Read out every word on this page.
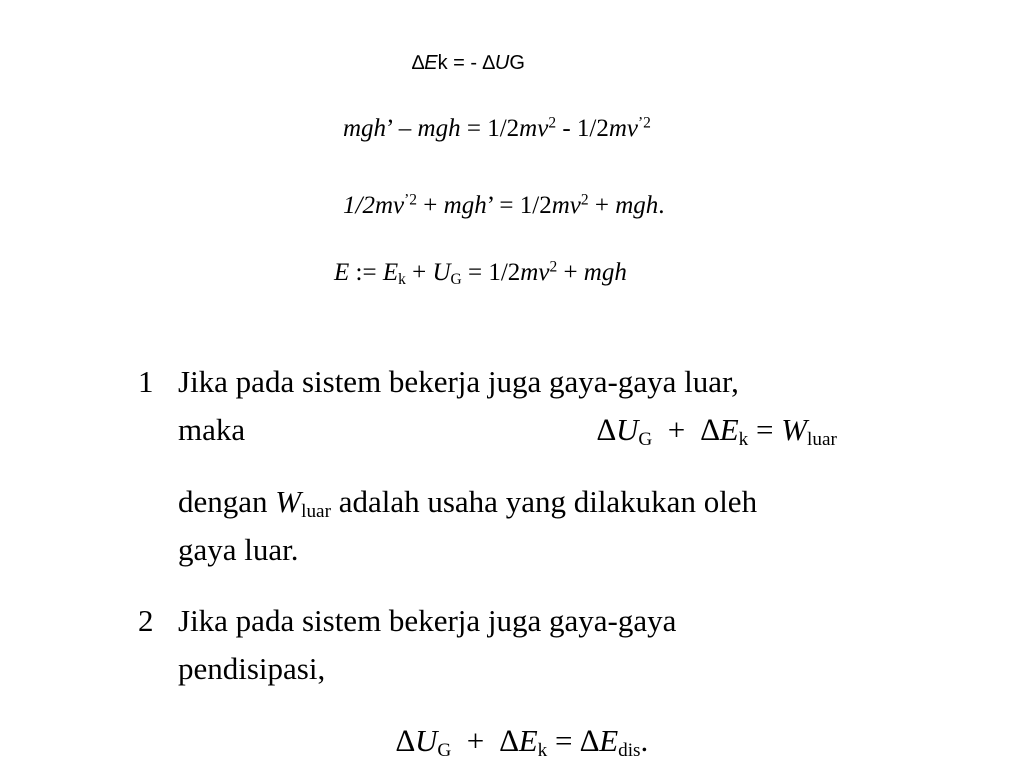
∆Ek = - ∆UG
mgh’ – mgh = $1/2mv^2 - 1/2mv^{’2}$
$1/2mv^{’2}$ + mgh’ = $1/2mv^2$ + mgh.
E := $E_k + U_G = 1/2mv^2$ + mgh
1 Jika pada sistem bekerja juga gaya-gaya luar,
maka	$\Delta U_G + \Delta E_k = W_{luar}$
dengan $W_{luar}$ adalah usaha yang dilakukan oleh
gaya luar.
2 Jika pada sistem bekerja juga gaya-gaya
pendisipasi,
$\Delta U_G + \Delta E_k = \Delta E_{dis}$.
